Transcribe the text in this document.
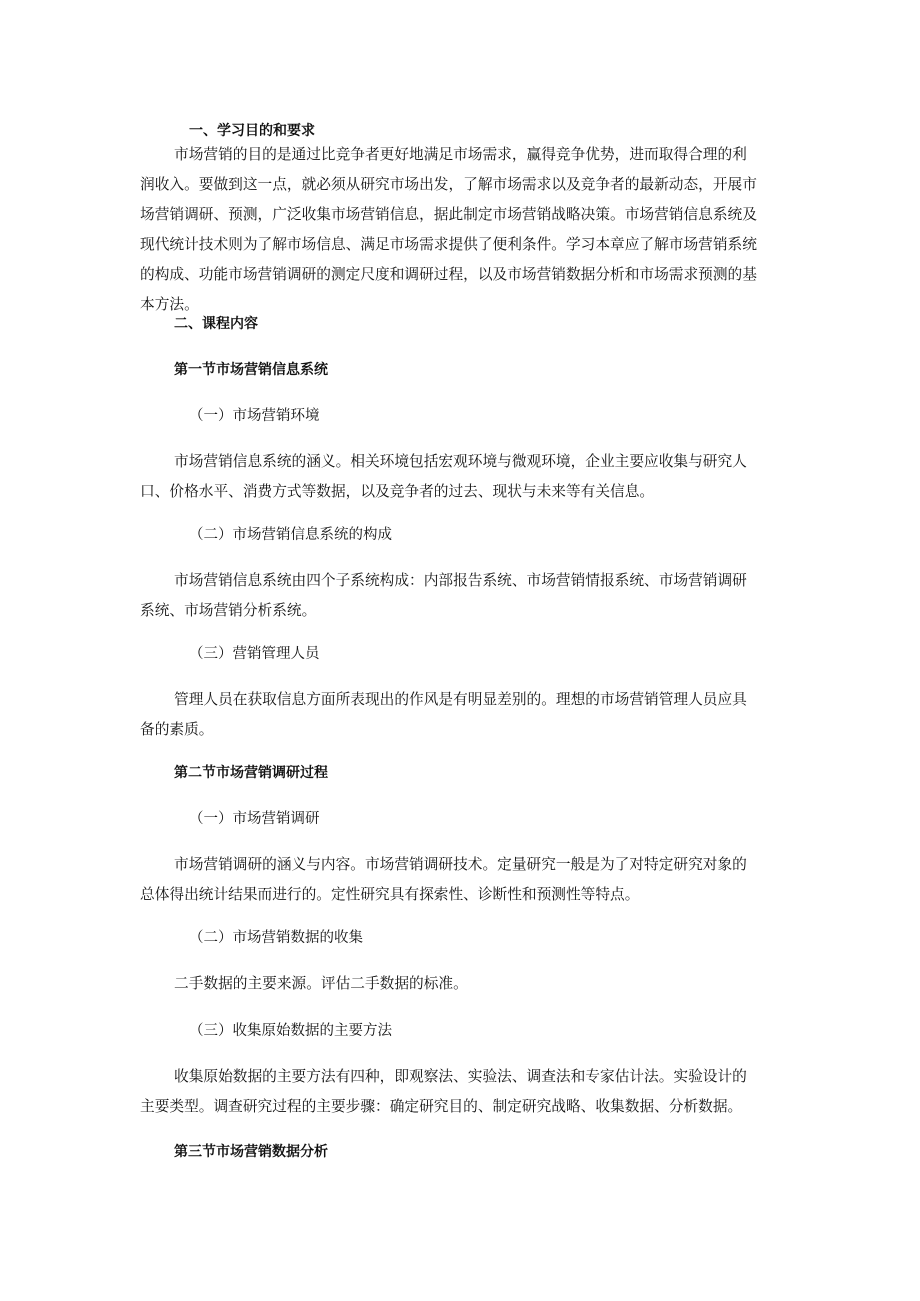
一、学习目的和要求
市场营销的目的是通过比竞争者更好地满足市场需求，赢得竞争优势，进而取得合理的利
润收入。要做到这一点，就必须从研究市场出发，了解市场需求以及竞争者的最新动态，开展市
场营销调研、预测，广泛收集市场营销信息，据此制定市场营销战略决策。市场营销信息系统及
现代统计技术则为了解市场信息、满足市场需求提供了便利条件。学习本章应了解市场营销系统
的构成、功能市场营销调研的测定尺度和调研过程，以及市场营销数据分析和市场需求预测的基
本方法。
二、课程内容
第一节市场营销信息系统
（一）市场营销环境
市场营销信息系统的涵义。相关环境包括宏观环境与微观环境，企业主要应收集与研究人
口、价格水平、消费方式等数据，以及竞争者的过去、现状与未来等有关信息。
（二）市场营销信息系统的构成
市场营销信息系统由四个子系统构成：内部报告系统、市场营销情报系统、市场营销调研
系统、市场营销分析系统。
（三）营销管理人员
管理人员在获取信息方面所表现出的作风是有明显差别的。理想的市场营销管理人员应具
备的素质。
第二节市场营销调研过程
（一）市场营销调研
市场营销调研的涵义与内容。市场营销调研技术。定量研究一般是为了对特定研究对象的
总体得出统计结果而进行的。定性研究具有探索性、诊断性和预测性等特点。
（二）市场营销数据的收集
二手数据的主要来源。评估二手数据的标准。
（三）收集原始数据的主要方法
收集原始数据的主要方法有四种，即观察法、实验法、调查法和专家估计法。实验设计的
主要类型。调查研究过程的主要步骤：确定研究目的、制定研究战略、收集数据、分析数据。
第三节市场营销数据分析
